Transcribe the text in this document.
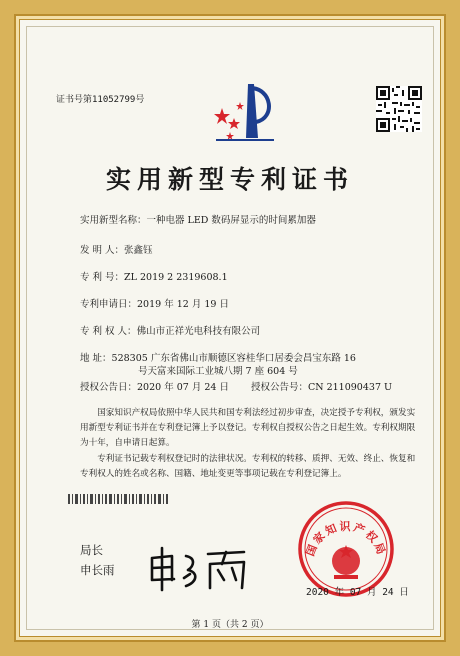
证书号第11052799号
实用新型专利证书
实用新型名称：一种电器 LED 数码屏显示的时间累加器
发 明 人：张鑫钰
专 利 号：ZL 2019 2 2319608.1
专利申请日：2019 年 12 月 19 日
专 利 权 人：佛山市正祥光电科技有限公司
地 址：528305 广东省佛山市顺德区容桂华口居委会昌宝东路 16
号天富来国际工业城八期 7 座 604 号
授权公告日：2020 年 07 月 24 日 授权公告号：CN 211090437 U
国家知识产权局依照中华人民共和国专利法经过初步审查，决定授予专利权，颁发实用新型专利证书并在专利登记簿上予以登记。专利权自授权公告之日起生效。专利权期限为十年，自申请日起算。
专利证书记载专利权登记时的法律状况。专利权的转移、质押、无效、终止、恢复和专利权人的姓名或名称、国籍、地址变更等事项记载在专利登记簿上。
局长
申长雨
国家知识产权局
2020 年 07 月 24 日
第 1 页（共 2 页）
